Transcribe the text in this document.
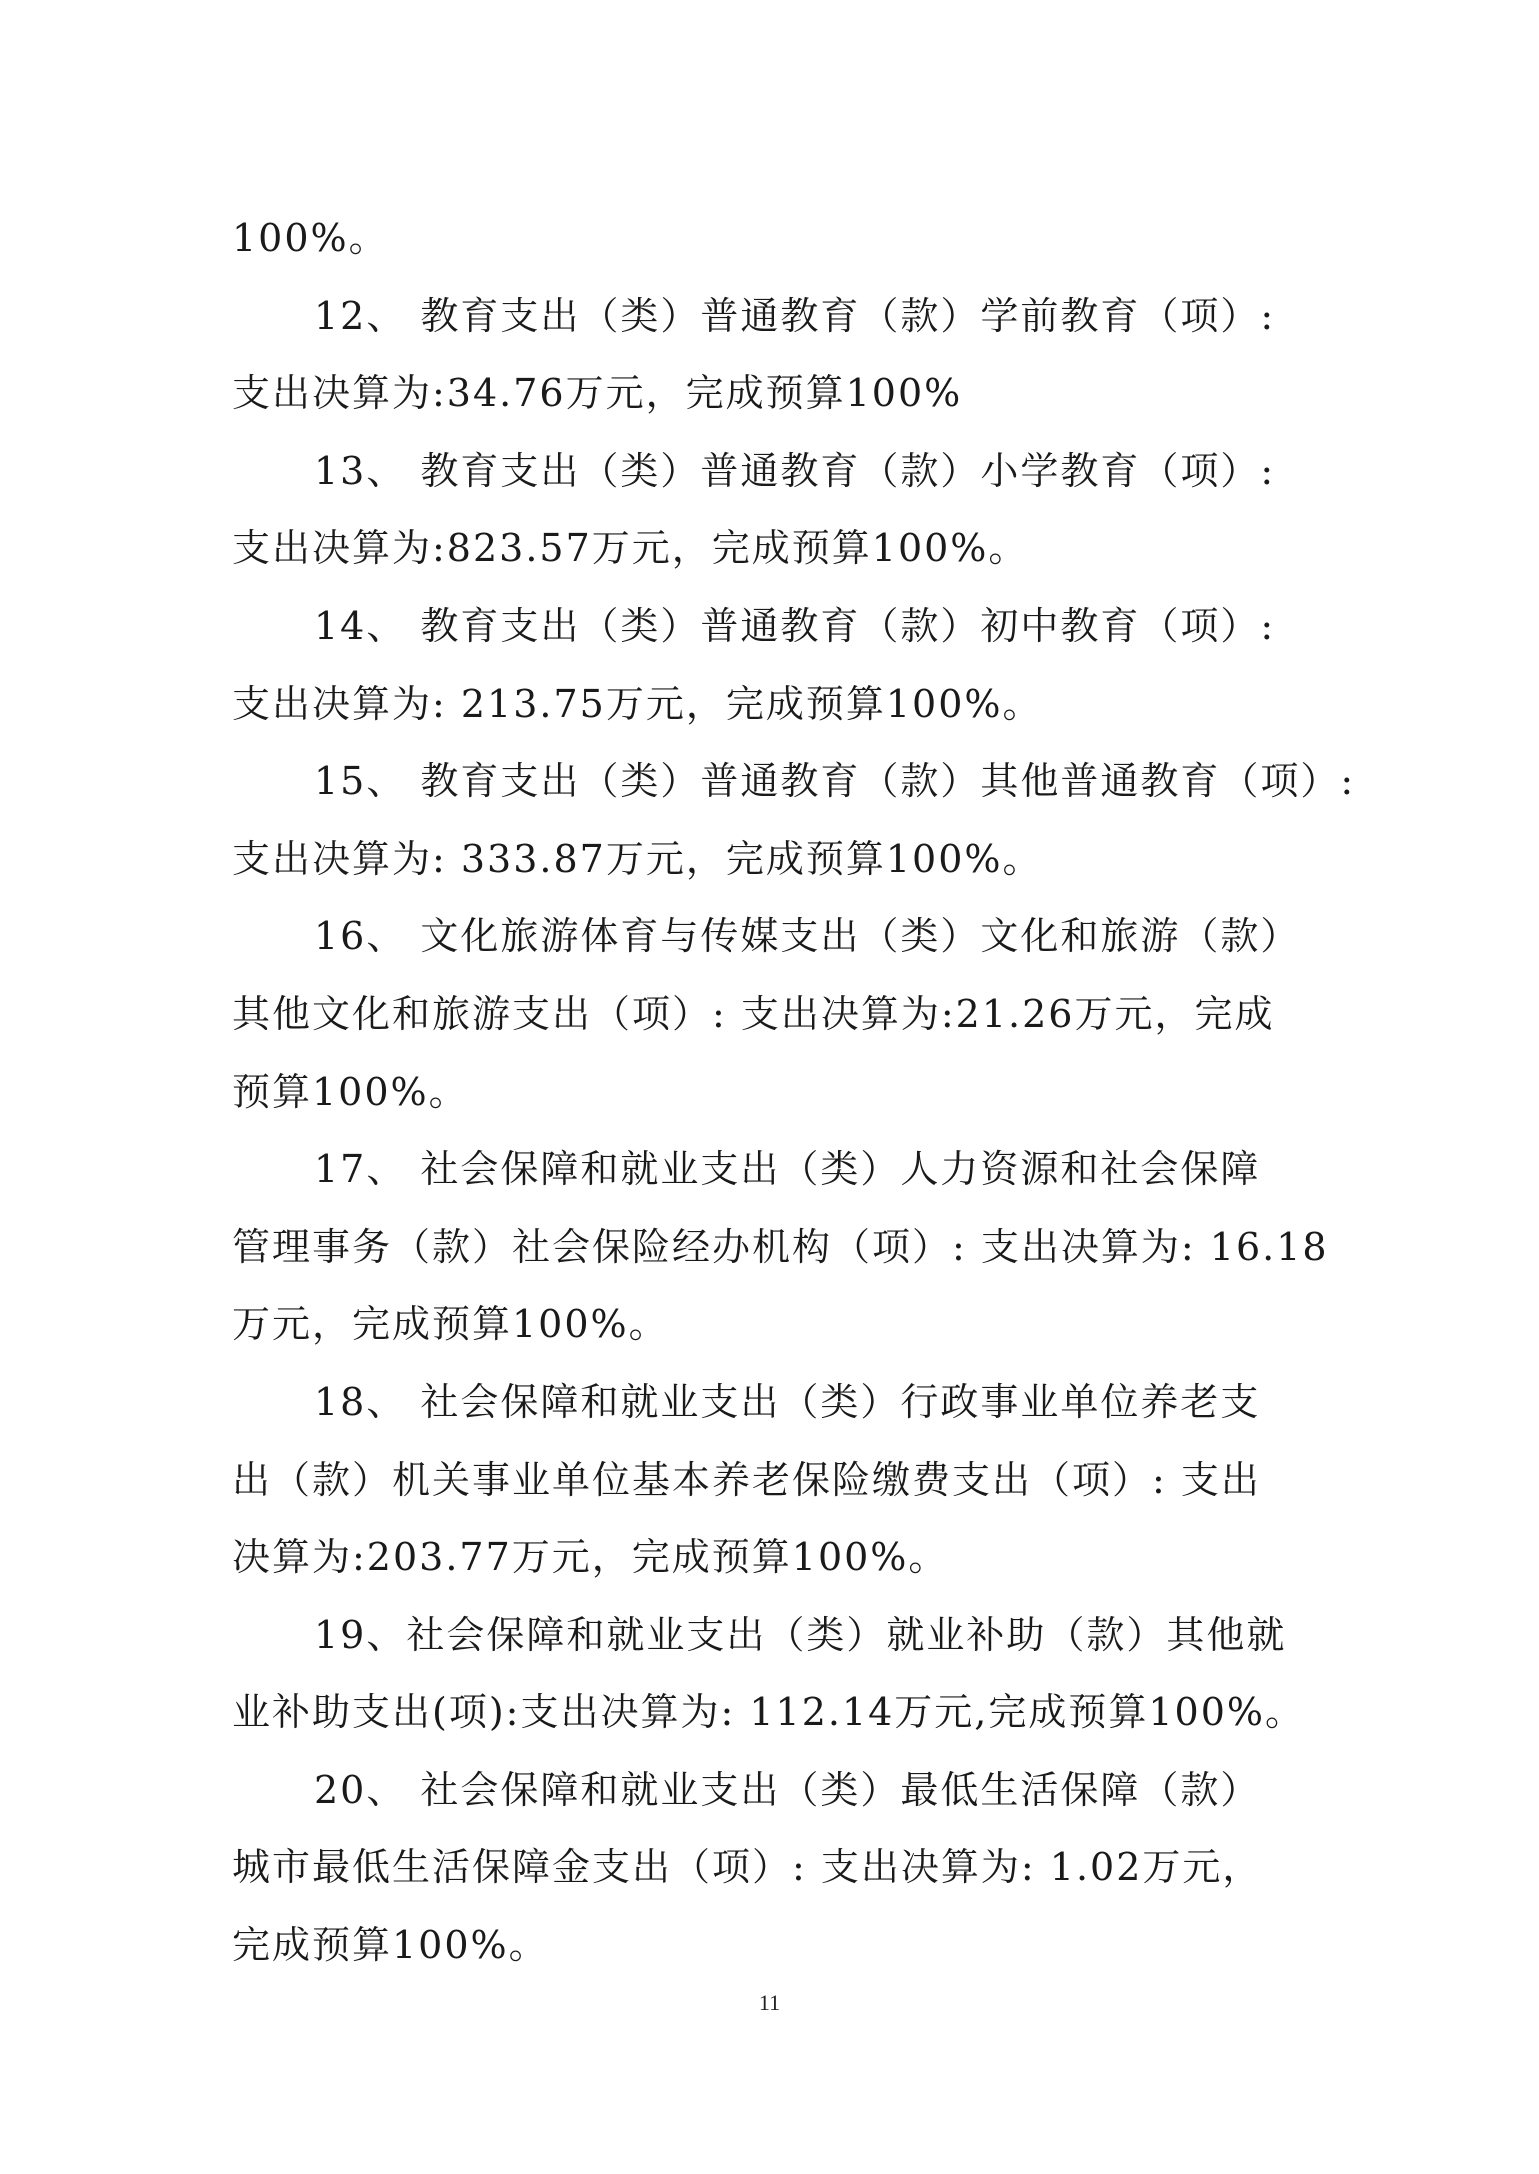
100%。
12、 教育支出（类）普通教育（款）学前教育（项）:
支出决算为:34.76万元，完成预算100%
13、 教育支出（类）普通教育（款）小学教育（项）:
支出决算为:823.57万元，完成预算100%。
14、 教育支出（类）普通教育（款）初中教育（项）:
支出决算为: 213.75万元，完成预算100%。
15、 教育支出（类）普通教育（款）其他普通教育（项）:
支出决算为: 333.87万元，完成预算100%。
16、 文化旅游体育与传媒支出（类）文化和旅游（款）
其他文化和旅游支出（项）: 支出决算为:21.26万元，完成
预算100%。
17、 社会保障和就业支出（类）人力资源和社会保障
管理事务（款）社会保险经办机构（项）: 支出决算为: 16.18
万元，完成预算100%。
18、 社会保障和就业支出（类）行政事业单位养老支
出（款）机关事业单位基本养老保险缴费支出（项）: 支出
决算为:203.77万元，完成预算100%。
19、社会保障和就业支出（类）就业补助（款）其他就
业补助支出(项):支出决算为: 112.14万元,完成预算100%。
20、 社会保障和就业支出（类）最低生活保障（款）
城市最低生活保障金支出（项）: 支出决算为: 1.02万元，
完成预算100%。
11
